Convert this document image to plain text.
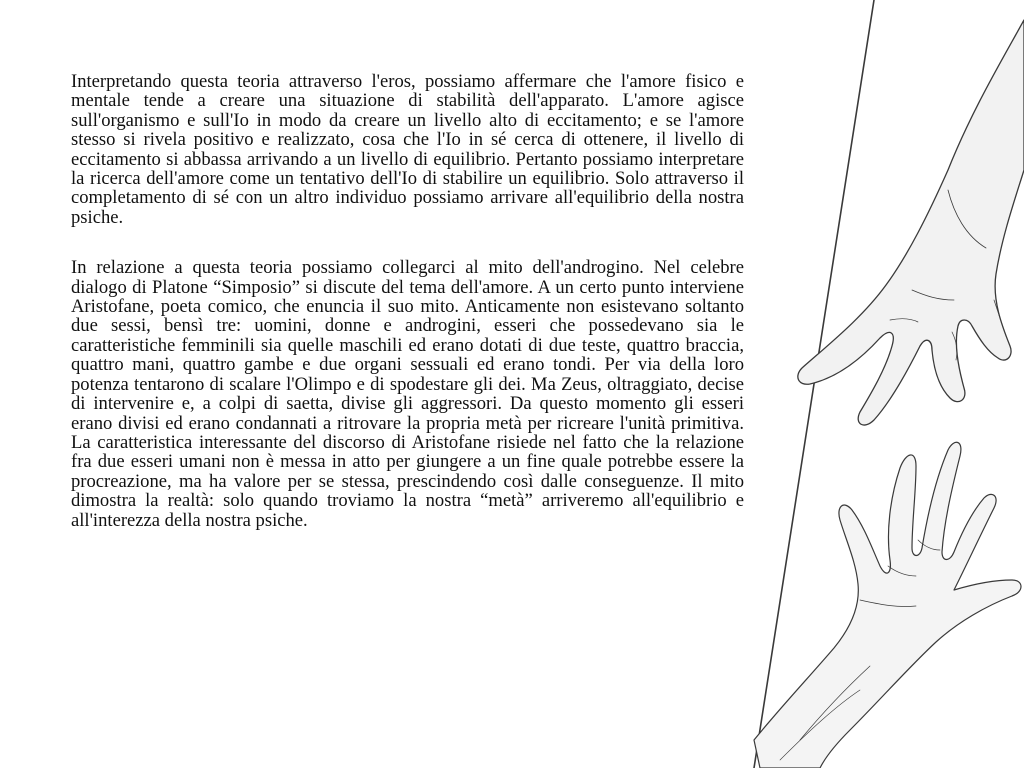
Interpretando questa teoria attraverso l'eros, possiamo affermare che l'amore fisico e mentale tende a creare una situazione di stabilità dell'apparato. L'amore agisce sull'organismo e sull'Io in modo da creare un livello alto di eccitamento; e se l'amore stesso si rivela positivo e realizzato, cosa che l'Io in sé cerca di ottenere, il livello di eccitamento si abbassa arrivando a un livello di equilibrio. Pertanto possiamo interpretare la ricerca dell'amore come un tentativo dell'Io di stabilire un equilibrio. Solo attraverso il completamento di sé con un altro individuo possiamo arrivare all'equilibrio della nostra psiche.

In relazione a questa teoria possiamo collegarci al mito dell'androgino. Nel celebre dialogo di Platone “Simposio” si discute del tema dell'amore. A un certo punto interviene Aristofane, poeta comico, che enuncia il suo mito. Anticamente non esistevano soltanto due sessi, bensì tre: uomini, donne e androgini, esseri che possedevano sia le caratteristiche femminili sia quelle maschili ed erano dotati di due teste, quattro braccia, quattro mani, quattro gambe e due organi sessuali ed erano tondi. Per via della loro potenza tentarono di scalare l'Olimpo e di spodestare gli dei. Ma Zeus, oltraggiato, decise di intervenire e, a colpi di saetta, divise gli aggressori. Da questo momento gli esseri erano divisi ed erano condannati a ritrovare la propria metà per ricreare l'unità primitiva. La caratteristica interessante del discorso di Aristofane risiede nel fatto che la relazione fra due esseri umani non è messa in atto per giungere a un fine quale potrebbe essere la procreazione, ma ha valore per se stessa, prescindendo così dalle conseguenze. Il mito dimostra la realtà: solo quando troviamo la nostra “metà” arriveremo all'equilibrio e all'interezza della nostra psiche.
